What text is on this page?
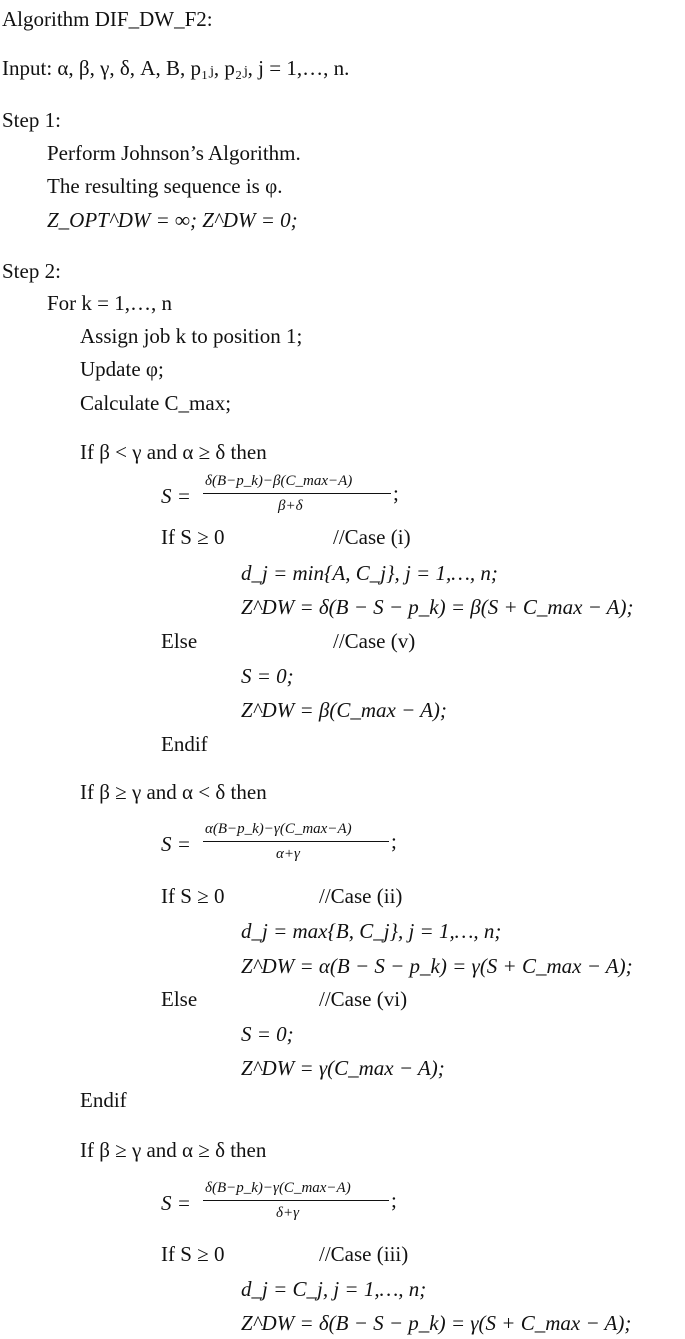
Algorithm DIF_DW_F2:
Input: α, β, γ, δ, A, B, p₁ⱼ, p₂ⱼ, j = 1,…, n.
Step 1:
Perform Johnson’s Algorithm.
The resulting sequence is φ.
Z_OPT^DW = ∞; Z^DW = 0;
Step 2:
For k = 1,…, n
Assign job k to position 1;
Update φ;
Calculate C_max;
If β < γ and α ≥ δ then
S =
δ(B−p_k)−β(C_max−A)
β+δ
;
If S ≥ 0	//Case (i)
d_j = min{A, C_j}, j = 1,…, n;
Z^DW = δ(B − S − p_k) = β(S + C_max − A);
Else	//Case (v)
S = 0;
Z^DW = β(C_max − A);
Endif
If β ≥ γ and α < δ then
S =
α(B−p_k)−γ(C_max−A)
α+γ
;
If S ≥ 0	//Case (ii)
d_j = max{B, C_j}, j = 1,…, n;
Z^DW = α(B − S − p_k) = γ(S + C_max − A);
Else	//Case (vi)
S = 0;
Z^DW = γ(C_max − A);
Endif
If β ≥ γ and α ≥ δ then
S =
δ(B−p_k)−γ(C_max−A)
δ+γ
;
If S ≥ 0	//Case (iii)
d_j = C_j, j = 1,…, n;
Z^DW = δ(B − S − p_k) = γ(S + C_max − A);
